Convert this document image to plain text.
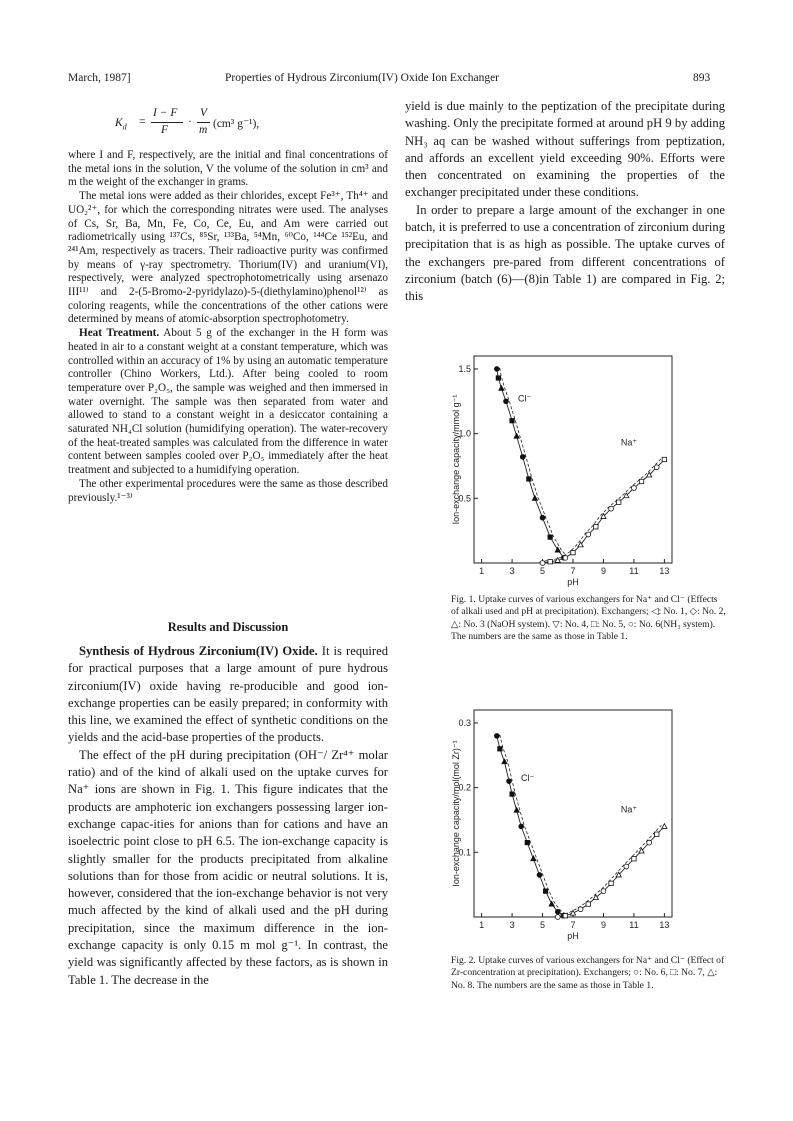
March, 1987]	Properties of Hydrous Zirconium(IV) Oxide Ion Exchanger	893
$K_d$ =
I − F
F
·
V
m (cm³ g⁻¹),

where I and F, respectively, are the initial and final concentrations of the metal ions in the solution, V the volume of the solution in cm³ and m the weight of the exchanger in grams.

The metal ions were added as their chlorides, except Fe³⁺, Th⁴⁺ and UO₂²⁺, for which the corresponding nitrates were used. The analyses of Cs, Sr, Ba, Mn, Fe, Co, Ce, Eu, and Am were carried out radiometrically using ¹³⁷Cs, ⁸⁵Sr, ¹³³Ba, ⁵⁴Mn, ⁶⁰Co, ¹⁴⁴Ce ¹⁵²Eu, and ²⁴¹Am, respectively as tracers. Their radioactive purity was confirmed by means of γ-ray spectrometry. Thorium(IV) and uranium(VI), respectively, were analyzed spectrophotometrically using arsenazo III¹¹⁾ and 2-(5-Bromo-2-pyridylazo)-5-(diethylamino)phenol¹²⁾ as coloring reagents, while the concentrations of the other cations were determined by means of atomic-absorption spectrophotometry.

Heat Treatment. About 5 g of the exchanger in the H form was heated in air to a constant weight at a constant temperature, which was controlled within an accuracy of 1% by using an automatic temperature controller (Chino Workers, Ltd.). After being cooled to room temperature over P₂O₅, the sample was weighed and then immersed in water overnight. The sample was then separated from water and allowed to stand to a constant weight in a desiccator containing a saturated NH₄Cl solution (humidifying operation). The water-recovery of the heat-treated samples was calculated from the difference in water content between samples cooled over P₂O₅ immediately after the heat treatment and subjected to a humidifying operation.

The other experimental procedures were the same as those described previously.¹⁻³⁾

Results and Discussion

Synthesis of Hydrous Zirconium(IV) Oxide. It is required for practical purposes that a large amount of pure hydrous zirconium(IV) oxide having re-producible and good ion-exchange properties can be easily prepared; in conformity with this line, we examined the effect of synthetic conditions on the yields and the acid-base properties of the products.

The effect of the pH during precipitation (OH⁻/ Zr⁴⁺ molar ratio) and of the kind of alkali used on the uptake curves for Na⁺ ions are shown in Fig. 1. This figure indicates that the products are amphoteric ion exchangers possessing larger ion-exchange capac-ities for anions than for cations and have an isoelectric point close to pH 6.5. The ion-exchange capacity is slightly smaller for the products precipitated from alkaline solutions than for those from acidic or neutral solutions. It is, however, considered that the ion-exchange behavior is not very much affected by the kind of alkali used and the pH during precipitation, since the maximum difference in the ion-exchange capacity is only 0.15 m mol g⁻¹. In contrast, the yield was significantly affected by these factors, as is shown in Table 1. The decrease in the

yield is due mainly to the peptization of the precipitate during washing. Only the precipitate formed at around pH 9 by adding NH₃ aq can be washed without sufferings from peptization, and affords an excellent yield exceeding 90%. Efforts were then concentrated on examining the properties of the exchanger precipitated under these conditions.

In order to prepare a large amount of the exchanger in one batch, it is preferred to use a concentration of zirconium during precipitation that is as high as possible. The uptake curves of the exchangers pre-pared from different concentrations of zirconium (batch (6)—(8)in Table 1) are compared in Fig. 2; this

1	3	5	7	9	11 13
0.5
1.0
1.5
pH
Ion-exchange capacity/mmol g⁻¹	Cl⁻
Na⁺

Fig. 1. Uptake curves of various exchangers for Na⁺ and Cl⁻ (Effects of alkali used and pH at precipitation). Exchangers; ◁: No. 1, ◇: No. 2, △: No. 3 (NaOH system). ▽: No. 4, □: No. 5, ○: No. 6(NH₃ system). The numbers are the same as those in Table 1.

1	3	5	7	9	11 13
0.1
0.2
0.3
pH
Ion-exchange capacity/mol(mol Zr)⁻¹	Cl⁻
Na⁺

Fig. 2. Uptake curves of various exchangers for Na⁺ and Cl⁻ (Effect of Zr-concentration at precipitation). Exchangers; ○: No. 6, □: No. 7, △: No. 8. The numbers are the same as those in Table 1.
